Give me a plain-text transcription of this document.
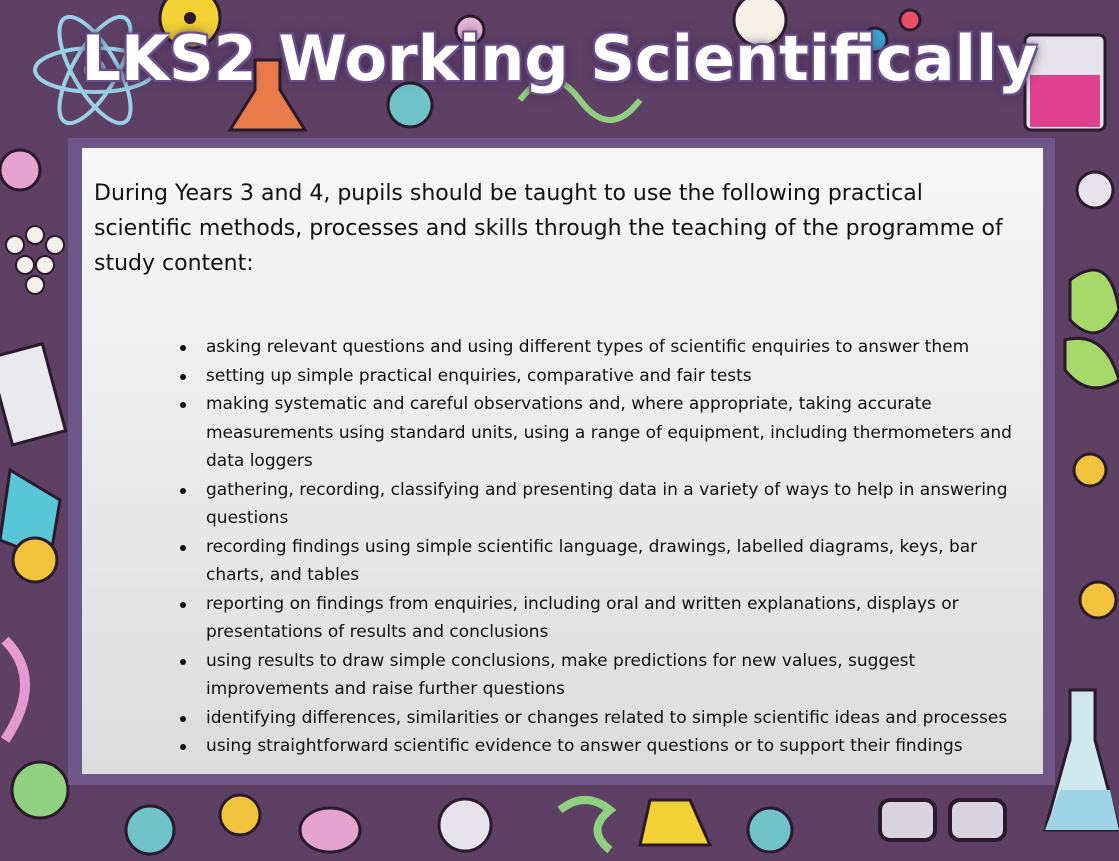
LKS2 Working Scientifically

During Years 3 and 4, pupils should be taught to use the following practical scientific methods, processes and skills through the teaching of the programme of study content:

asking relevant questions and using different types of scientific enquiries to answer them
setting up simple practical enquiries, comparative and fair tests
making systematic and careful observations and, where appropriate, taking accurate measurements using standard units, using a range of equipment, including thermometers and data loggers
gathering, recording, classifying and presenting data in a variety of ways to help in answering questions
recording findings using simple scientific language, drawings, labelled diagrams, keys, bar charts, and tables
reporting on findings from enquiries, including oral and written explanations, displays or presentations of results and conclusions
using results to draw simple conclusions, make predictions for new values, suggest improvements and raise further questions
identifying differences, similarities or changes related to simple scientific ideas and processes
using straightforward scientific evidence to answer questions or to support their findings
